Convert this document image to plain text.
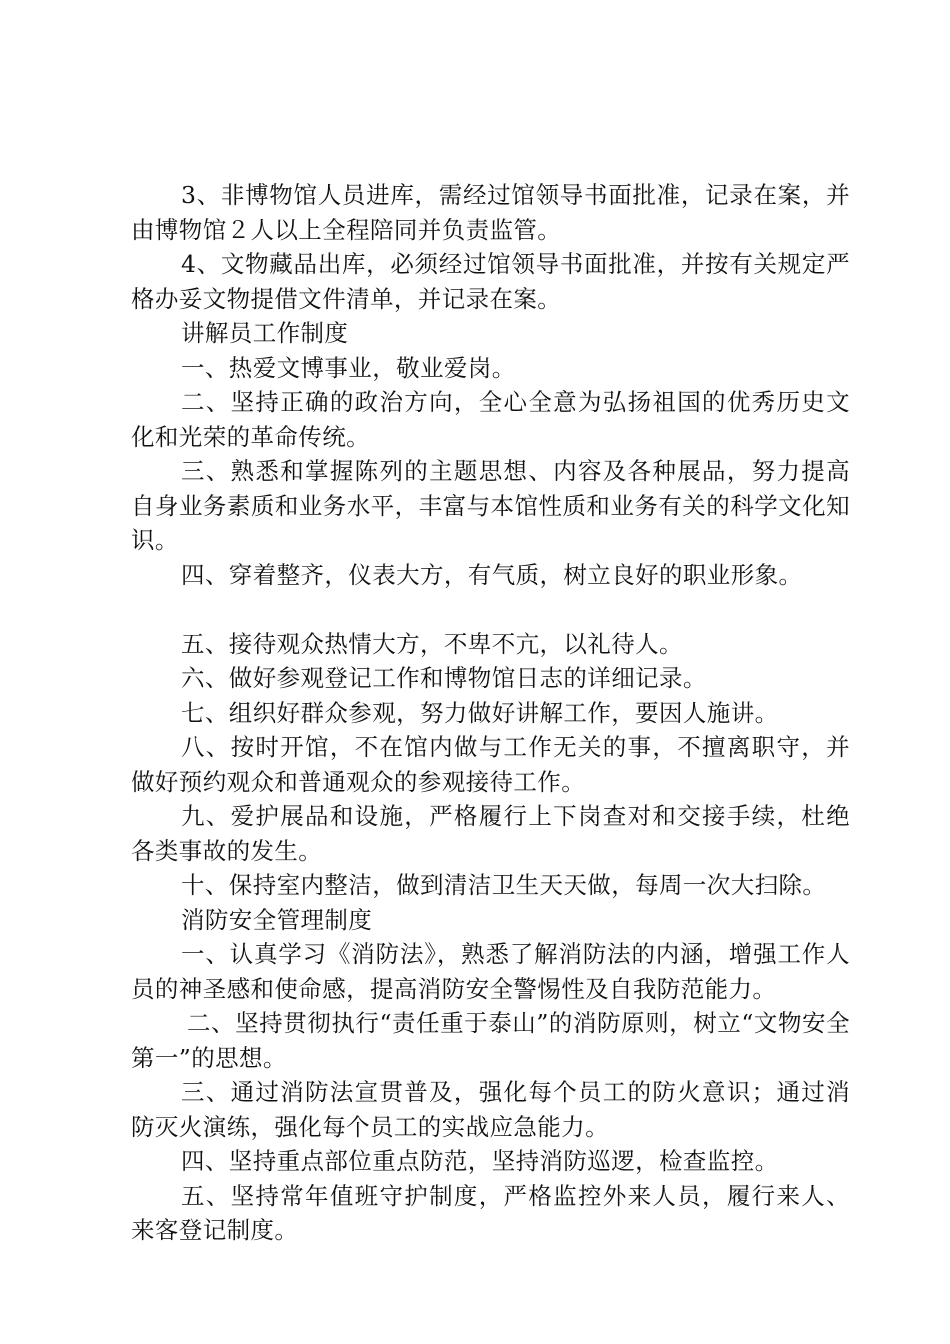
3、非博物馆人员进库，需经过馆领导书面批准，记录在案，并由博物馆２人以上全程陪同并负责监管。

4、文物藏品出库，必须经过馆领导书面批准，并按有关规定严格办妥文物提借文件清单，并记录在案。

讲解员工作制度

一、热爱文博事业，敬业爱岗。

二、坚持正确的政治方向，全心全意为弘扬祖国的优秀历史文化和光荣的革命传统。

三、熟悉和掌握陈列的主题思想、内容及各种展品，努力提高自身业务素质和业务水平，丰富与本馆性质和业务有关的科学文化知识。

四、穿着整齐，仪表大方，有气质，树立良好的职业形象。

五、接待观众热情大方，不卑不亢，以礼待人。

六、做好参观登记工作和博物馆日志的详细记录。

七、组织好群众参观，努力做好讲解工作，要因人施讲。

八、按时开馆，不在馆内做与工作无关的事，不擅离职守，并做好预约观众和普通观众的参观接待工作。

九、爱护展品和设施，严格履行上下岗查对和交接手续，杜绝各类事故的发生。

十、保持室内整洁，做到清洁卫生天天做，每周一次大扫除。

消防安全管理制度

一、认真学习《消防法》，熟悉了解消防法的内涵，增强工作人员的神圣感和使命感，提高消防安全警惕性及自我防范能力。

二、坚持贯彻执行“责任重于泰山”的消防原则，树立“文物安全第一”的思想。

三、通过消防法宣贯普及，强化每个员工的防火意识；通过消防灭火演练，强化每个员工的实战应急能力。

四、坚持重点部位重点防范，坚持消防巡逻，检查监控。

五、坚持常年值班守护制度，严格监控外来人员，履行来人、来客登记制度。
